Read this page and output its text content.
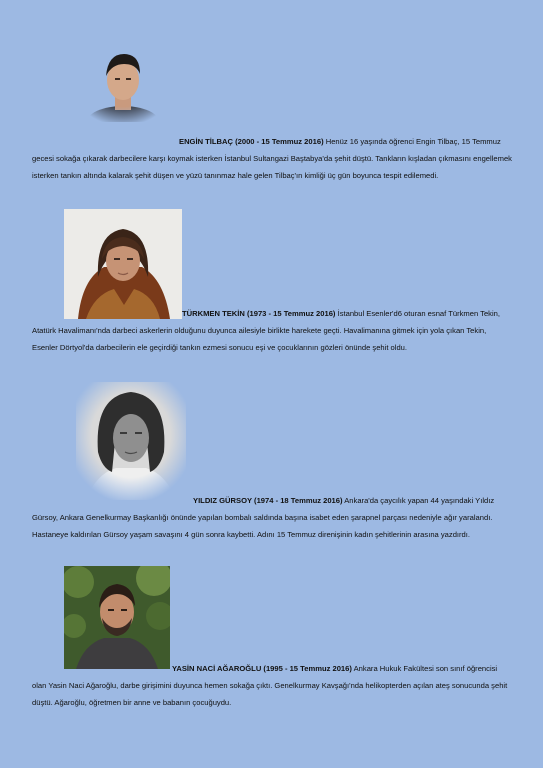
ENGİN TİLBAÇ (2000 - 15 Temmuz 2016) Henüz 16 yaşında öğrenci Engin Tilbaç, 15 Temmuz gecesi sokağa çıkarak darbecilere karşı koymak isterken İstanbul Sultangazi Baştabya'da şehit düştü. Tankların kışladan çıkmasını engellemek isterken tankın altında kalarak şehit düşen ve yüzü tanınmaz hale gelen Tilbaç'ın kimliği üç gün boyunca tespit edilemedi.

TÜRKMEN TEKİN (1973 - 15 Temmuz 2016) İstanbul Esenler'd6 oturan esnaf Türkmen Tekin, Atatürk Havalimanı'nda darbeci askerlerin olduğunu duyunca ailesiyle birlikte harekete geçti. Havalimanına gitmek için yola çıkan Tekin, Esenler Dörtyol'da darbecilerin ele geçirdiği tankın ezmesi sonucu eşi ve çocuklarının gözleri önünde şehit oldu.

YILDIZ GÜRSOY (1974 - 18 Temmuz 2016) Ankara'da çaycılık yapan 44 yaşındaki Yıldız Gürsoy, Ankara Genelkurmay Başkanlığı önünde yapılan bombalı saldında başına isabet eden şarapnel parçası nedeniyle ağır yaralandı. Hastaneye kaldırılan Gürsoy yaşam savaşını 4 gün sonra kaybetti. Adını 15 Temmuz direnişinin kadın şehitlerinin arasına yazdırdı.

YASİN NACİ AĞAROĞLU (1995 - 15 Temmuz 2016) Ankara Hukuk Fakültesi son sınıf öğrencisi olan Yasin Naci Ağaroğlu, darbe girişimini duyunca hemen sokağa çıktı. Genelkurmay Kavşağı'nda helikopterden açılan ateş sonucunda şehit düştü. Ağaroğlu, öğretmen bir anne ve babanın çocuğuydu.
